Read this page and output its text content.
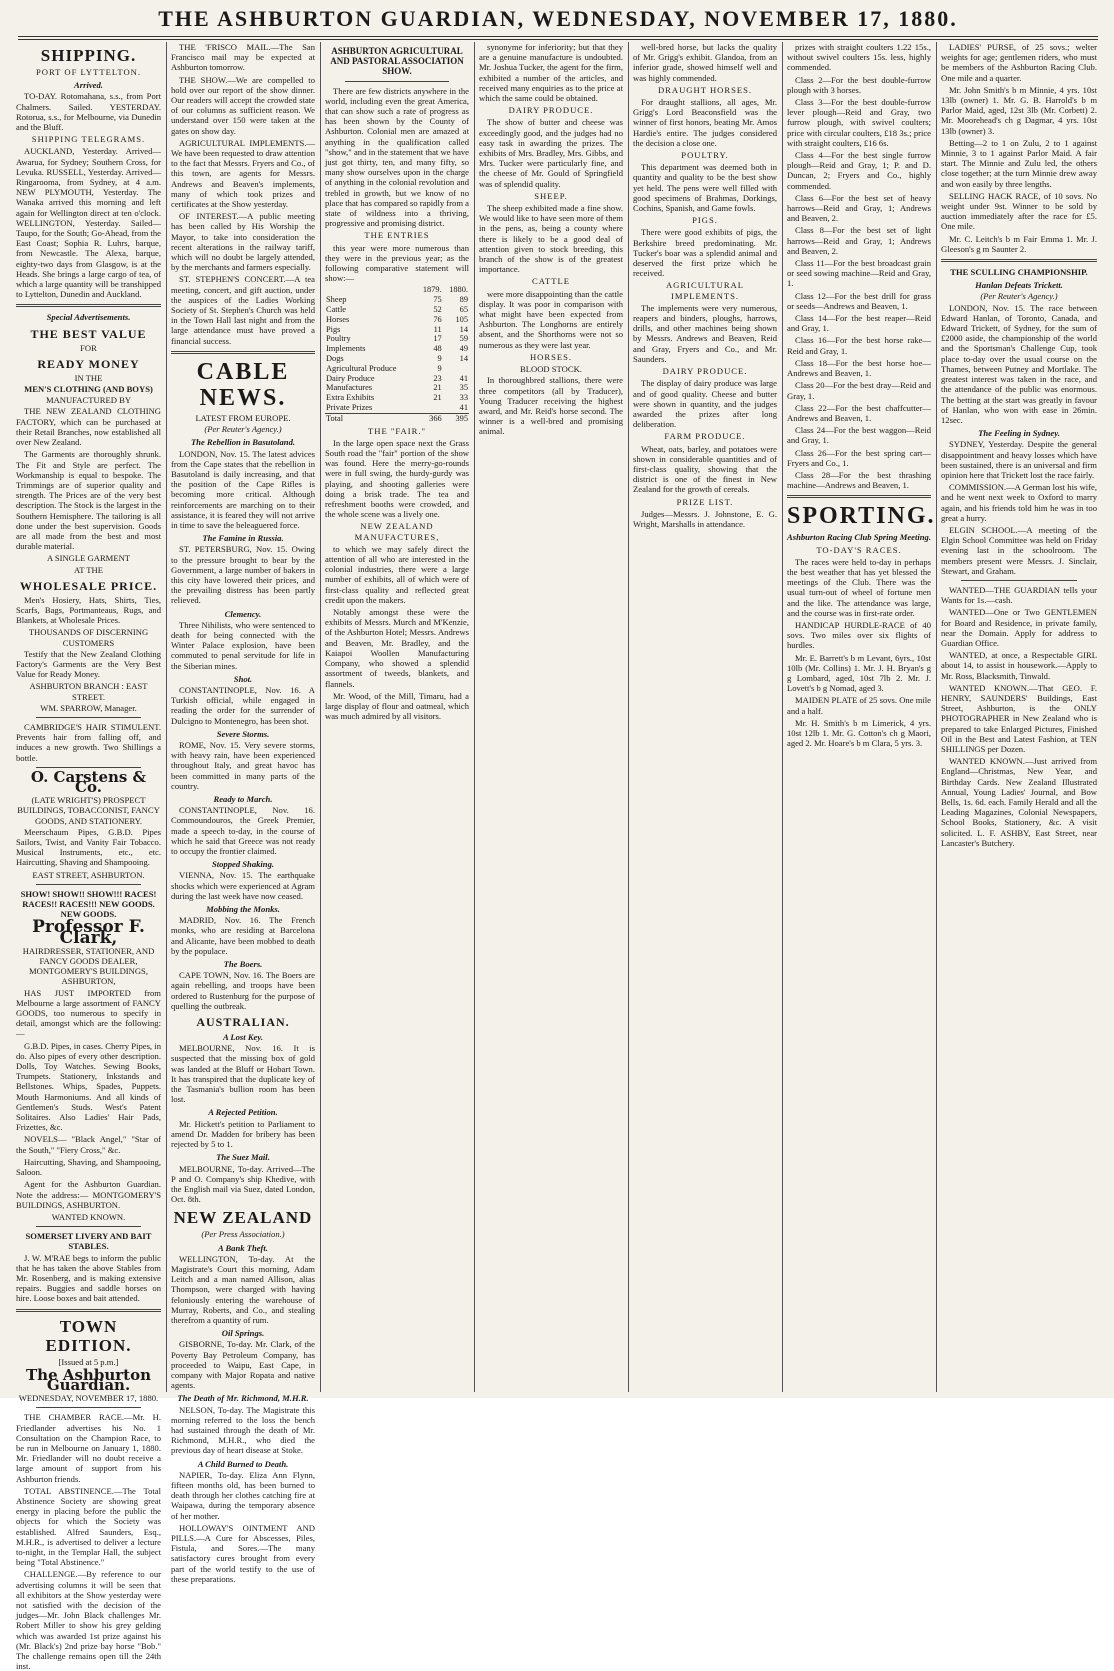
THE ASHBURTON GUARDIAN, WEDNESDAY, NOVEMBER 17, 1880.
SHIPPING.
PORT OF LYTTELTON.
Arrived.
TO-DAY. Rotomahana, s.s., from Port Chalmers. Sailed. YESTERDAY. Rotorua, s.s., for Melbourne, via Dunedin and the Bluff.
SHIPPING TELEGRAMS.
AUCKLAND, Yesterday. Arrived—Awarua, for Sydney; Southern Cross, for Levuka. RUSSELL, Yesterday. Arrived—Ringarooma, from Sydney, at 4 a.m. NEW PLYMOUTH, Yesterday. The Wanaka arrived this morning and left again for Wellington direct at ten o'clock. WELLINGTON, Yesterday. Sailed—Taupo, for the South; Go-Ahead, from the East Coast; Sophia R. Luhrs, barque, from Newcastle. The Alexa, barque, eighty-two days from Glasgow, is at the Heads. She brings a large cargo of tea, of which a large quantity will be transhipped to Lyttelton, Dunedin and Auckland.
Special Advertisements.
THE BEST VALUE
FOR
READY MONEY
IN THE
MEN'S CLOTHING (AND BOYS)
MANUFACTURED BY
THE NEW ZEALAND CLOTHING FACTORY, which can be purchased at their Retail Branches, now established all over New Zealand.
The Garments are thoroughly shrunk. The Fit and Style are perfect. The Workmanship is equal to bespoke. The Trimmings are of superior quality and strength. The Prices are of the very best description. The Stock is the largest in the Southern Hemisphere. The tailoring is all done under the best supervision. Goods are all made from the best and most durable material.
A SINGLE GARMENT
AT THE
WHOLESALE PRICE.
Men's Hosiery, Hats, Shirts, Ties, Scarfs, Bags, Portmanteaus, Rugs, and Blankets, at Wholesale Prices.
THOUSANDS OF DISCERNING CUSTOMERS
Testify that the New Zealand Clothing Factory's Garments are the Very Best Value for Ready Money.
ASHBURTON BRANCH : EAST STREET.
WM. SPARROW, Manager.
CAMBRIDGE'S HAIR STIMULENT. Prevents hair from falling off, and induces a new growth. Two Shillings a bottle.
O. Carstens & Co.
(LATE WRIGHT'S) PROSPECT BUILDINGS, TOBACCONIST, FANCY GOODS, AND STATIONERY.
Meerschaum Pipes, G.B.D. Pipes Sailors, Twist, and Vanity Fair Tobacco. Musical Instruments, etc., etc. Haircutting, Shaving and Shampooing.
EAST STREET, ASHBURTON.
SHOW! SHOW!! SHOW!!! RACES! RACES!! RACES!!! NEW GOODS. NEW GOODS.
Professor F. Clark,
HAIRDRESSER, STATIONER, AND FANCY GOODS DEALER, MONTGOMERY'S BUILDINGS, ASHBURTON,
HAS JUST IMPORTED from Melbourne a large assortment of FANCY GOODS, too numerous to specify in detail, amongst which are the following:—
G.B.D. Pipes, in cases. Cherry Pipes, in do. Also pipes of every other description. Dolls, Toy Watches. Sewing Books, Trumpets. Stationery, Inkstands and Bellstones. Whips, Spades, Puppets. Mouth Harmoniums. And all kinds of Gentlemen's Studs. West's Patent Solitaires. Also Ladies' Hair Pads, Frizettes, &c.
NOVELS— "Black Angel," "Star of the South," "Fiery Cross," &c.
Haircutting, Shaving, and Shampooing, Saloon.
Agent for the Ashburton Guardian. Note the address:— MONTGOMERY'S BUILDINGS, ASHBURTON.
WANTED KNOWN.
SOMERSET LIVERY AND BAIT STABLES.
J. W. M'RAE begs to inform the public that he has taken the above Stables from Mr. Rosenberg, and is making extensive repairs. Buggies and saddle horses on hire. Loose boxes and bait attended.
TOWN EDITION.
[Issued at 5 p.m.]
The Ashburton Guardian.
WEDNESDAY, NOVEMBER 17, 1880.
THE CHAMBER RACE.—Mr. H. Friedlander advertises his No. 1 Consultation on the Champion Race, to be run in Melbourne on January 1, 1880. Mr. Friedlander will no doubt receive a large amount of support from his Ashburton friends.
TOTAL ABSTINENCE.—The Total Abstinence Society are showing great energy in placing before the public the objects for which the Society was established. Alfred Saunders, Esq., M.H.R., is advertised to deliver a lecture to-night, in the Templar Hall, the subject being "Total Abstinence."
CHALLENGE.—By reference to our advertising columns it will be seen that all exhibitors at the Show yesterday were not satisfied with the decision of the judges—Mr. John Black challenges Mr. Robert Miller to show his grey gelding which was awarded 1st prize against his (Mr. Black's) 2nd prize bay horse "Bob." The challenge remains open till the 24th inst.
THE 'FRISCO MAIL.—The San Francisco mail may be expected at Ashburton tomorrow.
THE SHOW.—We are compelled to hold over our report of the show dinner. Our readers will accept the crowded state of our columns as sufficient reason. We understand over 150 were taken at the gates on show day.
AGRICULTURAL IMPLEMENTS.—We have been requested to draw attention to the fact that Messrs. Fryers and Co., of this town, are agents for Messrs. Andrews and Beaven's implements, many of which took prizes and certificates at the Show yesterday.
OF INTEREST.—A public meeting has been called by His Worship the Mayor, to take into consideration the recent alterations in the railway tariff, which will no doubt be largely attended, by the merchants and farmers especially.
ST. STEPHEN'S CONCERT.—A tea meeting, concert, and gift auction, under the auspices of the Ladies Working Society of St. Stephen's Church was held in the Town Hall last night and from the large attendance must have proved a financial success.
CABLE NEWS.
LATEST FROM EUROPE.
(Per Reuter's Agency.)
The Rebellion in Basutoland.
LONDON, Nov. 15. The latest advices from the Cape states that the rebellion in Basutoland is daily increasing, and that the position of the Cape Rifles is becoming more critical. Although reinforcements are marching on to their assistance, it is feared they will not arrive in time to save the beleaguered force.
The Famine in Russia.
ST. PETERSBURG, Nov. 15. Owing to the pressure brought to bear by the Government, a large number of bakers in this city have lowered their prices, and the prevailing distress has been partly relieved.
Clemency.
Three Nihilists, who were sentenced to death for being connected with the Winter Palace explosion, have been commuted to penal servitude for life in the Siberian mines.
Shot.
CONSTANTINOPLE, Nov. 16. A Turkish official, while engaged in reading the order for the surrender of Dulcigno to Montenegro, has been shot.
Severe Storms.
ROME, Nov. 15. Very severe storms, with heavy rain, have been experienced throughout Italy, and great havoc has been committed in many parts of the country.
Ready to March.
CONSTANTINOPLE, Nov. 16. Commoundouros, the Greek Premier, made a speech to-day, in the course of which he said that Greece was not ready to occupy the frontier claimed.
Stopped Shaking.
VIENNA, Nov. 15. The earthquake shocks which were experienced at Agram during the last week have now ceased.
Mobbing the Monks.
MADRID, Nov. 16. The French monks, who are residing at Barcelona and Alicante, have been mobbed to death by the populace.
The Boers.
CAPE TOWN, Nov. 16. The Boers are again rebelling, and troops have been ordered to Rustenburg for the purpose of quelling the outbreak.
AUSTRALIAN.
A Lost Key.
MELBOURNE, Nov. 16. It is suspected that the missing box of gold was landed at the Bluff or Hobart Town. It has transpired that the duplicate key of the Tasmania's bullion room has been lost.
A Rejected Petition.
Mr. Hickett's petition to Parliament to amend Dr. Madden for bribery has been rejected by 5 to 1.
The Suez Mail.
MELBOURNE, To-day. Arrived—The P and O. Company's ship Khedive, with the English mail via Suez, dated London, Oct. 8th.
NEW ZEALAND
(Per Press Association.)
A Bank Theft.
WELLINGTON, To-day. At the Magistrate's Court this morning, Adam Leitch and a man named Allison, alias Thompson, were charged with having feloniously entering the warehouse of Murray, Roberts, and Co., and stealing therefrom a quantity of rum.
Oil Springs.
GISBORNE, To-day. Mr. Clark, of the Poverty Bay Petroleum Company, has proceeded to Waipu, East Cape, in company with Major Ropata and native agents.
The Death of Mr. Richmond, M.H.R.
NELSON, To-day. The Magistrate this morning referred to the loss the bench had sustained through the death of Mr. Richmond, M.H.R., who died the previous day of heart disease at Stoke.
A Child Burned to Death.
NAPIER, To-day. Eliza Ann Flynn, fifteen months old, has been burned to death through her clothes catching fire at Waipawa, during the temporary absence of her mother.
HOLLOWAY'S OINTMENT AND PILLS.—A Cure for Abscesses, Piles, Fistula, and Sores.—The many satisfactory cures brought from every part of the world testify to the use of these preparations.
ASHBURTON AGRICULTURAL AND PASTORAL ASSOCIATION SHOW.
There are few districts anywhere in the world, including even the great America, that can show such a rate of progress as has been shown by the County of Ashburton. Colonial men are amazed at anything in the qualification called "show," and in the statement that we have just got thirty, ten, and many fifty, so many show ourselves upon in the charge of anything in the colonial revolution and trebled in growth, but we know of no place that has compared so rapidly from a state of wildness into a thriving, progressive and promising district.
THE ENTRIES
this year were more numerous than they were in the previous year; as the following comparative statement will show:—
	1879.	1880.
Sheep	75	89
Cattle	52	65
Horses	76	105
Pigs	11	14
Poultry	17	59
Implements	48	49
Dogs	9	14
Agricultural Produce	9	
Dairy Produce	23	41
Manufactures	21	35
Extra Exhibits	21	33
Private Prizes		41
Total	366	395
THE "FAIR."
In the large open space next the Grass South road the "fair" portion of the show was found. Here the merry-go-rounds were in full swing, the hurdy-gurdy was playing, and shooting galleries were doing a brisk trade. The tea and refreshment booths were crowded, and the whole scene was a lively one.
NEW ZEALAND MANUFACTURES,
to which we may safely direct the attention of all who are interested in the colonial industries, there were a large number of exhibits, all of which were of first-class quality and reflected great credit upon the makers.
Notably amongst these were the exhibits of Messrs. Murch and M'Kenzie, of the Ashburton Hotel; Messrs. Andrews and Beaven, Mr. Bradley, and the Kaiapoi Woollen Manufacturing Company, who showed a splendid assortment of tweeds, blankets, and flannels.
Mr. Wood, of the Mill, Timaru, had a large display of flour and oatmeal, which was much admired by all visitors.
synonyme for inferiority; but that they are a genuine manufacture is undoubted. Mr. Joshua Tucker, the agent for the firm, exhibited a number of the articles, and received many enquiries as to the price at which the same could be obtained.
DAIRY PRODUCE.
The show of butter and cheese was exceedingly good, and the judges had no easy task in awarding the prizes. The exhibits of Mrs. Bradley, Mrs. Gibbs, and Mrs. Tucker were particularly fine, and the cheese of Mr. Gould of Springfield was of splendid quality.
SHEEP.
The sheep exhibited made a fine show. We would like to have seen more of them in the pens, as, being a county where there is likely to be a good deal of attention given to stock breeding, this branch of the show is of the greatest importance.
CATTLE
were more disappointing than the cattle display. It was poor in comparison with what might have been expected from Ashburton. The Longhorns are entirely absent, and the Shorthorns were not so numerous as they were last year.
HORSES.
BLOOD STOCK.
In thoroughbred stallions, there were three competitors (all by Traducer), Young Traducer receiving the highest award, and Mr. Reid's horse second. The winner is a well-bred and promising animal.
well-bred horse, but lacks the quality of Mr. Grigg's exhibit. Glandoa, from an inferior grade, showed himself well and was highly commended.
DRAUGHT HORSES.
For draught stallions, all ages, Mr. Grigg's Lord Beaconsfield was the winner of first honors, beating Mr. Amos Hardie's entire. The judges considered the decision a close one.
POULTRY.
This department was deemed both in quantity and quality to be the best show yet held. The pens were well filled with good specimens of Brahmas, Dorkings, Cochins, Spanish, and Game fowls.
PIGS.
There were good exhibits of pigs, the Berkshire breed predominating. Mr. Tucker's boar was a splendid animal and deserved the first prize which he received.
AGRICULTURAL IMPLEMENTS.
The implements were very numerous, reapers and binders, ploughs, harrows, drills, and other machines being shown by Messrs. Andrews and Beaven, Reid and Gray, Fryers and Co., and Mr. Saunders.
DAIRY PRODUCE.
The display of dairy produce was large and of good quality. Cheese and butter were shown in quantity, and the judges awarded the prizes after long deliberation.
FARM PRODUCE.
Wheat, oats, barley, and potatoes were shown in considerable quantities and of first-class quality, showing that the district is one of the finest in New Zealand for the growth of cereals.
PRIZE LIST.
Judges—Messrs. J. Johnstone, E. G. Wright, Marshalls in attendance.
prizes with straight coulters 1.22 15s., without swivel coulters 15s. less, highly commended.
Class 2—For the best double-furrow plough with 3 horses.
Class 3—For the best double-furrow lever plough—Reid and Gray, two furrow plough, with swivel coulters; price with circular coulters, £18 3s.; price with straight coulters, £16 6s.
Class 4—For the best single furrow plough—Reid and Gray, 1; P. and D. Duncan, 2; Fryers and Co., highly commended.
Class 6—For the best set of heavy harrows—Reid and Gray, 1; Andrews and Beaven, 2.
Class 8—For the best set of light harrows—Reid and Gray, 1; Andrews and Beaven, 2.
Class 11—For the best broadcast grain or seed sowing machine—Reid and Gray, 1.
Class 12—For the best drill for grass or seeds—Andrews and Beaven, 1.
Class 14—For the best reaper—Reid and Gray, 1.
Class 16—For the best horse rake—Reid and Gray, 1.
Class 18—For the best horse hoe—Andrews and Beaven, 1.
Class 20—For the best dray—Reid and Gray, 1.
Class 22—For the best chaffcutter—Andrews and Beaven, 1.
Class 24—For the best waggon—Reid and Gray, 1.
Class 26—For the best spring cart—Fryers and Co., 1.
Class 28—For the best thrashing machine—Andrews and Beaven, 1.
SPORTING.
Ashburton Racing Club Spring Meeting.
TO-DAY'S RACES.
The races were held to-day in perhaps the best weather that has yet blessed the meetings of the Club. There was the usual turn-out of wheel of fortune men and the like. The attendance was large, and the course was in first-rate order.
HANDICAP HURDLE-RACE of 40 sovs. Two miles over six flights of hurdles.
Mr. E. Barrett's b m Levant, 6yrs., 10st 10lb (Mr. Collins) 1. Mr. J. H. Bryan's g g Lombard, aged, 10st 7lb 2. Mr. J. Lovett's b g Nomad, aged 3.
MAIDEN PLATE of 25 sovs. One mile and a half.
Mr. H. Smith's b m Limerick, 4 yrs. 10st 12lb 1. Mr. G. Cotton's ch g Maori, aged 2. Mr. Hoare's b m Clara, 5 yrs. 3.
LADIES' PURSE, of 25 sovs.; welter weights for age; gentlemen riders, who must be members of the Ashburton Racing Club. One mile and a quarter.
Mr. John Smith's b m Minnie, 4 yrs. 10st 13lb (owner) 1. Mr. G. B. Harrold's b m Parlor Maid, aged, 12st 3lb (Mr. Corbett) 2. Mr. Moorehead's ch g Dagmar, 4 yrs. 10st 13lb (owner) 3.
Betting—2 to 1 on Zulu, 2 to 1 against Minnie, 3 to 1 against Parlor Maid. A fair start. The Minnie and Zulu led, the others close together; at the turn Minnie drew away and won easily by three lengths.
SELLING HACK RACE, of 10 sovs. No weight under 9st. Winner to be sold by auction immediately after the race for £5. One mile.
Mr. C. Leitch's b m Fair Emma 1. Mr. J. Gleeson's g m Saunter 2.
THE SCULLING CHAMPIONSHIP.
Hanlan Defeats Trickett.
(Per Reuter's Agency.)
LONDON, Nov. 15. The race between Edward Hanlan, of Toronto, Canada, and Edward Trickett, of Sydney, for the sum of £2000 aside, the championship of the world and the Sportsman's Challenge Cup, took place to-day over the usual course on the Thames, between Putney and Mortlake. The greatest interest was taken in the race, and the attendance of the public was enormous. The betting at the start was greatly in favour of Hanlan, who won with ease in 26min. 12sec.
The Feeling in Sydney.
SYDNEY, Yesterday. Despite the general disappointment and heavy losses which have been sustained, there is an universal and firm opinion here that Trickett lost the race fairly.
COMMISSION.—A German lost his wife, and he went next week to Oxford to marry again, and his friends told him he was in too great a hurry.
ELGIN SCHOOL.—A meeting of the Elgin School Committee was held on Friday evening last in the schoolroom. The members present were Messrs. J. Sinclair, Stewart, and Graham.
WANTED—THE GUARDIAN tells your Wants for 1s.—cash.
WANTED—One or Two GENTLEMEN for Board and Residence, in private family, near the Domain. Apply for address to Guardian Office.
WANTED, at once, a Respectable GIRL about 14, to assist in housework.—Apply to Mr. Ross, Blacksmith, Tinwald.
WANTED KNOWN.—That GEO. F. HENRY, SAUNDERS' Buildings, East Street, Ashburton, is the ONLY PHOTOGRAPHER in New Zealand who is prepared to take Enlarged Pictures, Finished Oil in the Best and Latest Fashion, at TEN SHILLINGS per Dozen.
WANTED KNOWN.—Just arrived from England—Christmas, New Year, and Birthday Cards. New Zealand Illustrated Annual, Young Ladies' Journal, and Bow Bells, 1s. 6d. each. Family Herald and all the Leading Magazines, Colonial Newspapers, School Books, Stationery, &c. A visit solicited. L. F. ASHBY, East Street, near Lancaster's Butchery.
